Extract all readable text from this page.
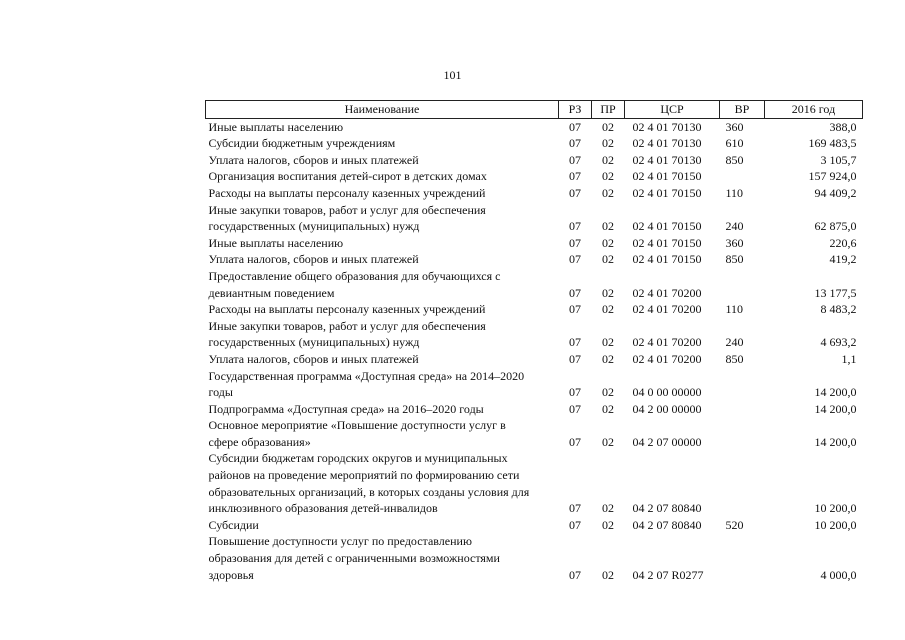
101
Наименование	РЗ	ПР	ЦСР	ВР	2016 год

Иные выплаты населению	07	02	02 4 01 70130	360	388,0

Субсидии бюджетным учреждениям	07	02	02 4 01 70130	610	169 483,5

Уплата налогов, сборов и иных платежей	07	02	02 4 01 70130	850	3 105,7

Организация воспитания детей-сирот в детских домах	07	02	02 4 01 70150		157 924,0

Расходы на выплаты персоналу казенных учреждений	07	02	02 4 01 70150	110	94 409,2

Иные закупки товаров, работ и услуг для обеспечения
государственных (муниципальных) нужд	07	02	02 4 01 70150	240	62 875,0

Иные выплаты населению	07	02	02 4 01 70150	360	220,6

Уплата налогов, сборов и иных платежей	07	02	02 4 01 70150	850	419,2

Предоставление общего образования для обучающихся с
девиантным поведением	07	02	02 4 01 70200		13 177,5

Расходы на выплаты персоналу казенных учреждений	07	02	02 4 01 70200	110	8 483,2

Иные закупки товаров, работ и услуг для обеспечения
государственных (муниципальных) нужд	07	02	02 4 01 70200	240	4 693,2

Уплата налогов, сборов и иных платежей	07	02	02 4 01 70200	850	1,1

Государственная программа «Доступная среда» на 2014–2020
годы	07	02	04 0 00 00000		14 200,0

Подпрограмма «Доступная среда» на 2016–2020 годы	07	02	04 2 00 00000		14 200,0

Основное мероприятие «Повышение доступности услуг в
сфере образования»	07	02	04 2 07 00000		14 200,0

Субсидии бюджетам городских округов и муниципальных
районов на проведение мероприятий по формированию сети
образовательных организаций, в которых созданы условия для
инклюзивного образования детей-инвалидов	07	02	04 2 07 80840		10 200,0

Субсидии	07	02	04 2 07 80840	520	10 200,0

Повышение доступности услуг по предоставлению
образования для детей с ограниченными возможностями
здоровья	07	02	04 2 07 R0277		4 000,0
